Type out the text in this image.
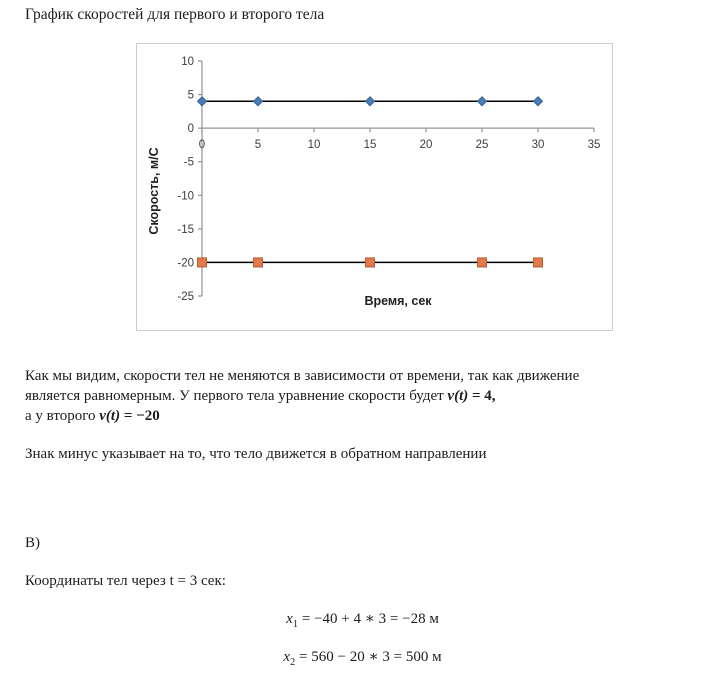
График скоростей для первого и второго тела
10
5
0
-5
-10
-15
-20
-25
0	5	10	15	20	25	30	35
Время, сек
Скорость, м/С

Как мы видим, скорости тел не меняются в зависимости от времени, так как движение
является равномерным. У первого тела уравнение скорости будет v(t) = 4,
а у второго v(t) = −20

Знак минус указывает на то, что тело движется в обратном направлении

В)

Координаты тел через t = 3 сек:

$x_1 = -40 + 4$ ∗ 3 = −28 м

$x_2 = 560 - 20$ ∗ 3 = 500 м
